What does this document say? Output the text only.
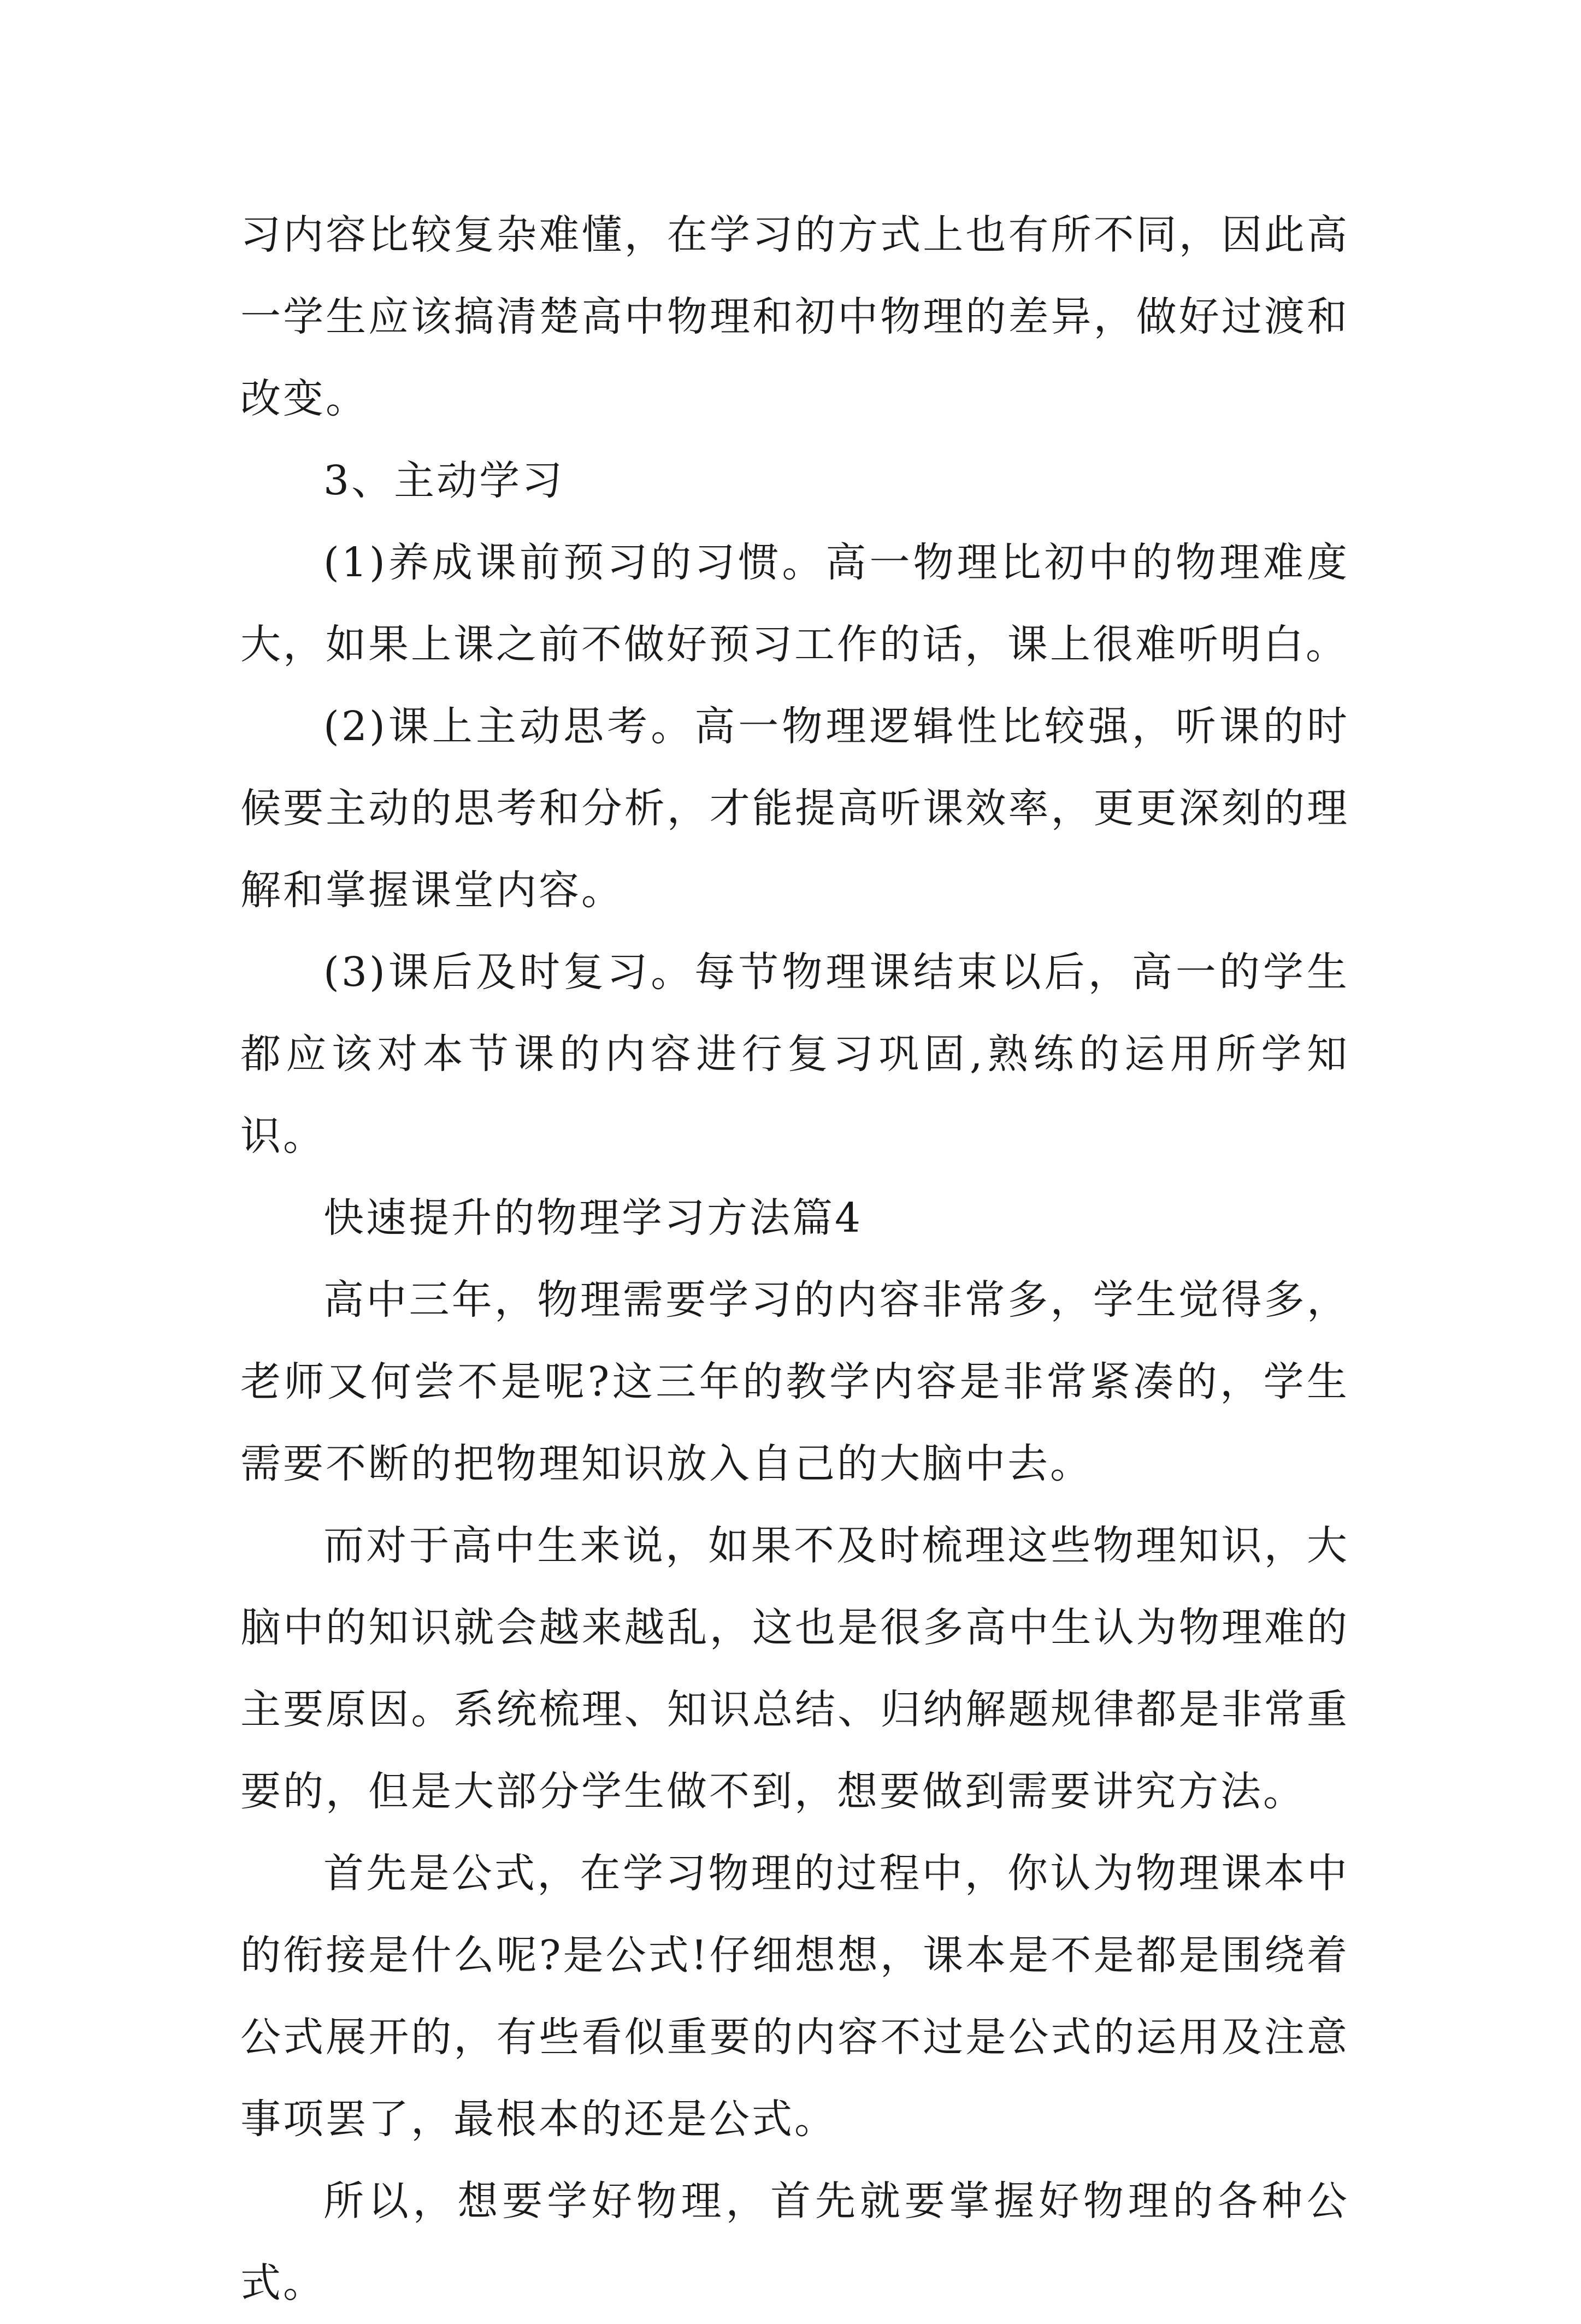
习内容比较复杂难懂，在学习的方式上也有所不同，因此高一学生应该搞清楚高中物理和初中物理的差异，做好过渡和改变。

3、主动学习

(1)养成课前预习的习惯。高一物理比初中的物理难度大，如果上课之前不做好预习工作的话，课上很难听明白。

(2)课上主动思考。高一物理逻辑性比较强，听课的时候要主动的思考和分析，才能提高听课效率，更更深刻的理解和掌握课堂内容。

(3)课后及时复习。每节物理课结束以后，高一的学生都应该对本节课的内容进行复习巩固,熟练的运用所学知识。

快速提升的物理学习方法篇4

高中三年，物理需要学习的内容非常多，学生觉得多，老师又何尝不是呢?这三年的教学内容是非常紧凑的，学生需要不断的把物理知识放入自己的大脑中去。

而对于高中生来说，如果不及时梳理这些物理知识，大脑中的知识就会越来越乱，这也是很多高中生认为物理难的主要原因。系统梳理、知识总结、归纳解题规律都是非常重要的，但是大部分学生做不到，想要做到需要讲究方法。

首先是公式，在学习物理的过程中，你认为物理课本中的衔接是什么呢?是公式!仔细想想，课本是不是都是围绕着公式展开的，有些看似重要的内容不过是公式的运用及注意事项罢了，最根本的还是公式。

所以，想要学好物理，首先就要掌握好物理的各种公式。
